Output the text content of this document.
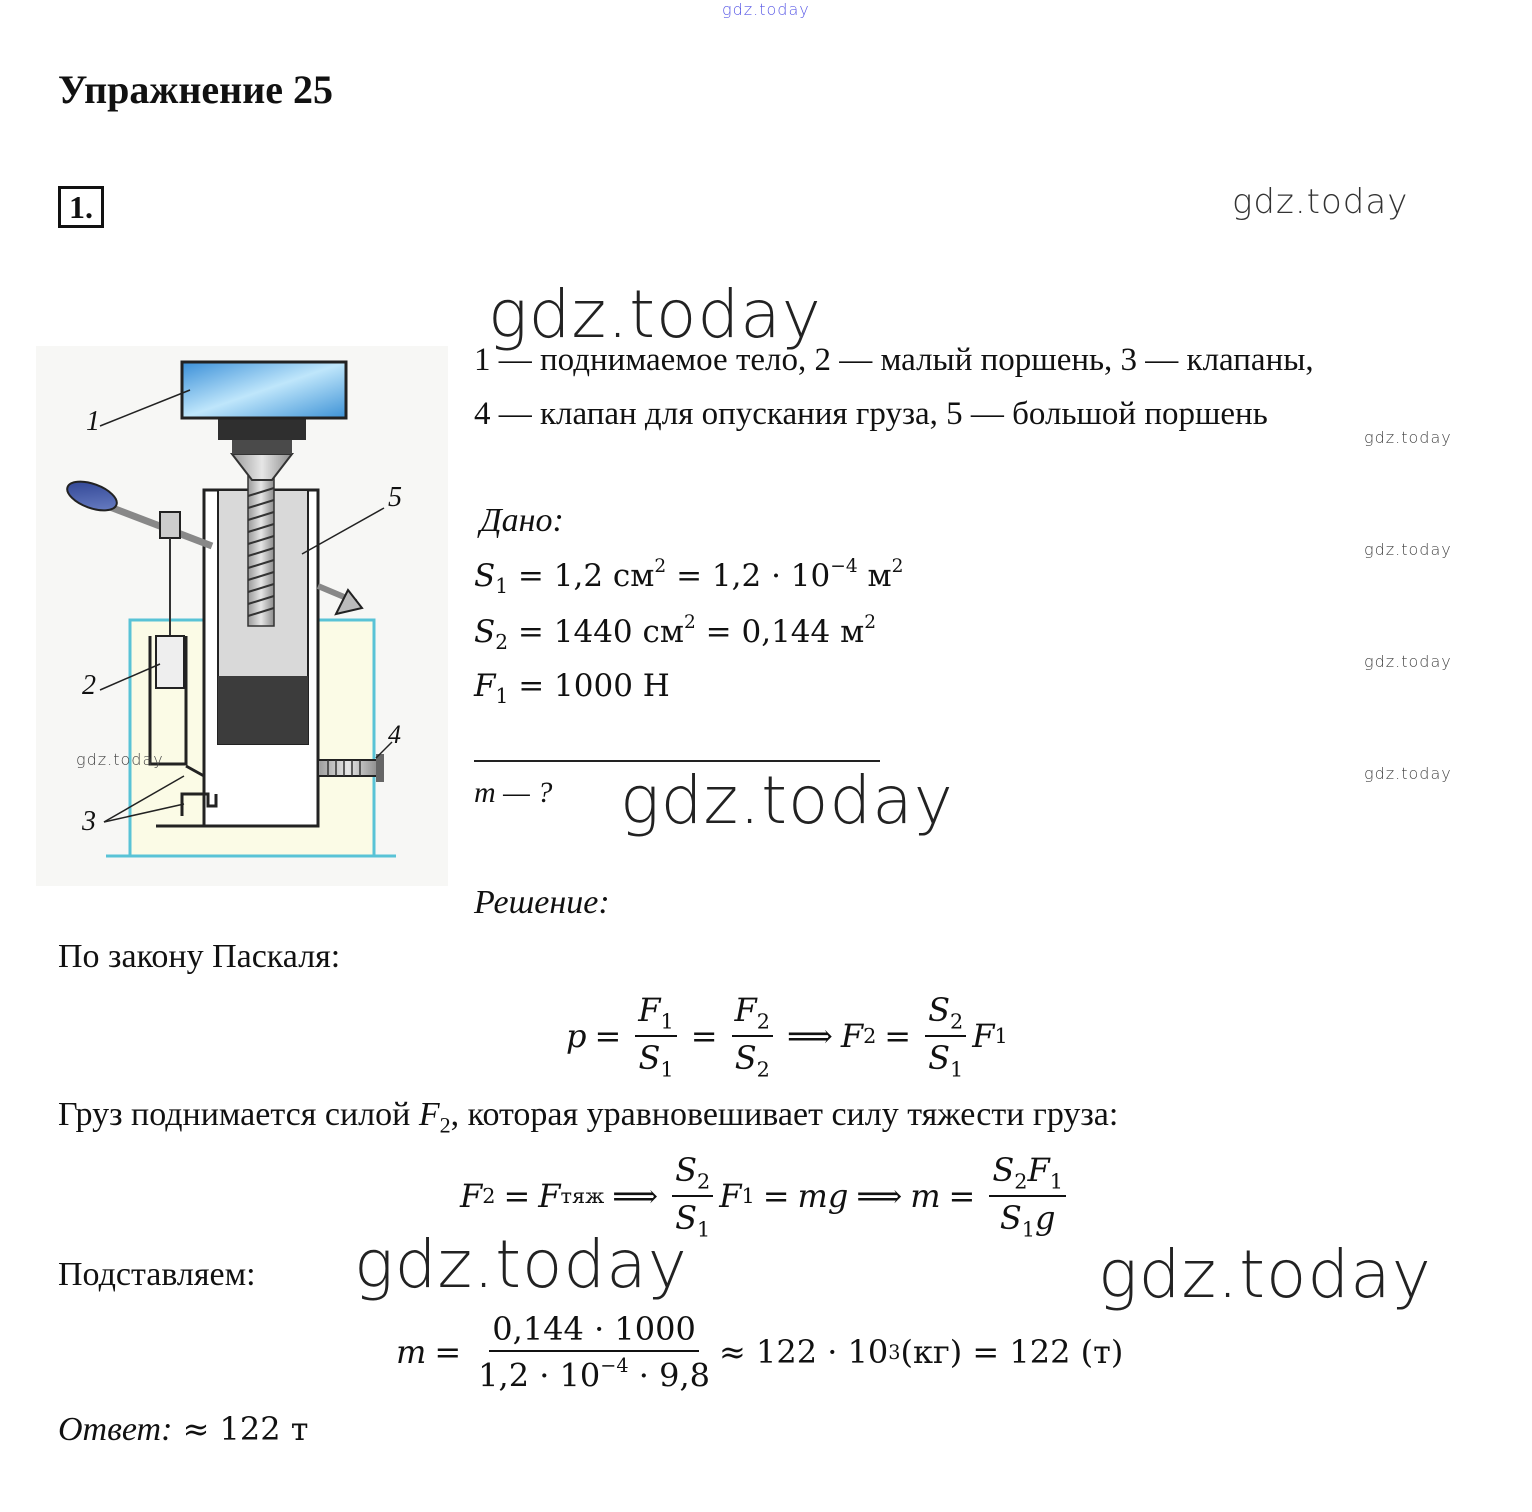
gdz.today
Упражнение 25
1.	gdz.today
gdz.today
1
2
3
4
5
gdz.today
1 — поднимаемое тело, 2 — малый поршень, 3 — клапаны,
4 — клапан для опускания груза, 5 — большой поршень
gdz.today
Дано:
gdz.today
$S_1 = 1,2$ $см^2 = 1,2 \cdot 10^{-4}$ $м^2$
$S_2 = 1440$ $см^2 = 0,144$ $м^2$
gdz.today
$F_1 = 1000$ Н
gdz.today
m — ? gdz.today
Решение:
По закону Паскаля:
$p = \frac{F_1}{S_1} = \frac{F_2}{S_2}$ ⟹ F $2 = \frac{S_2}{S_1}$ F 1
Груз поднимается силой $F_2$, которая уравновешивает силу тяжести груза:
F 2 = F тяж ⟹ $\frac{S_2}{S_1}$ F 1 = mg ⟹ $m = \frac{S_2F_1}{S_1g}$
Подставляем: gdz.today	gdz.today
$m = \frac{0,144 \cdot 1000}{1,2 \cdot 10^{-4} \cdot 9,8} \approx 122 \cdot 10$ 3 (кг) = 122 (т)
Ответ: ≈ 122 т
